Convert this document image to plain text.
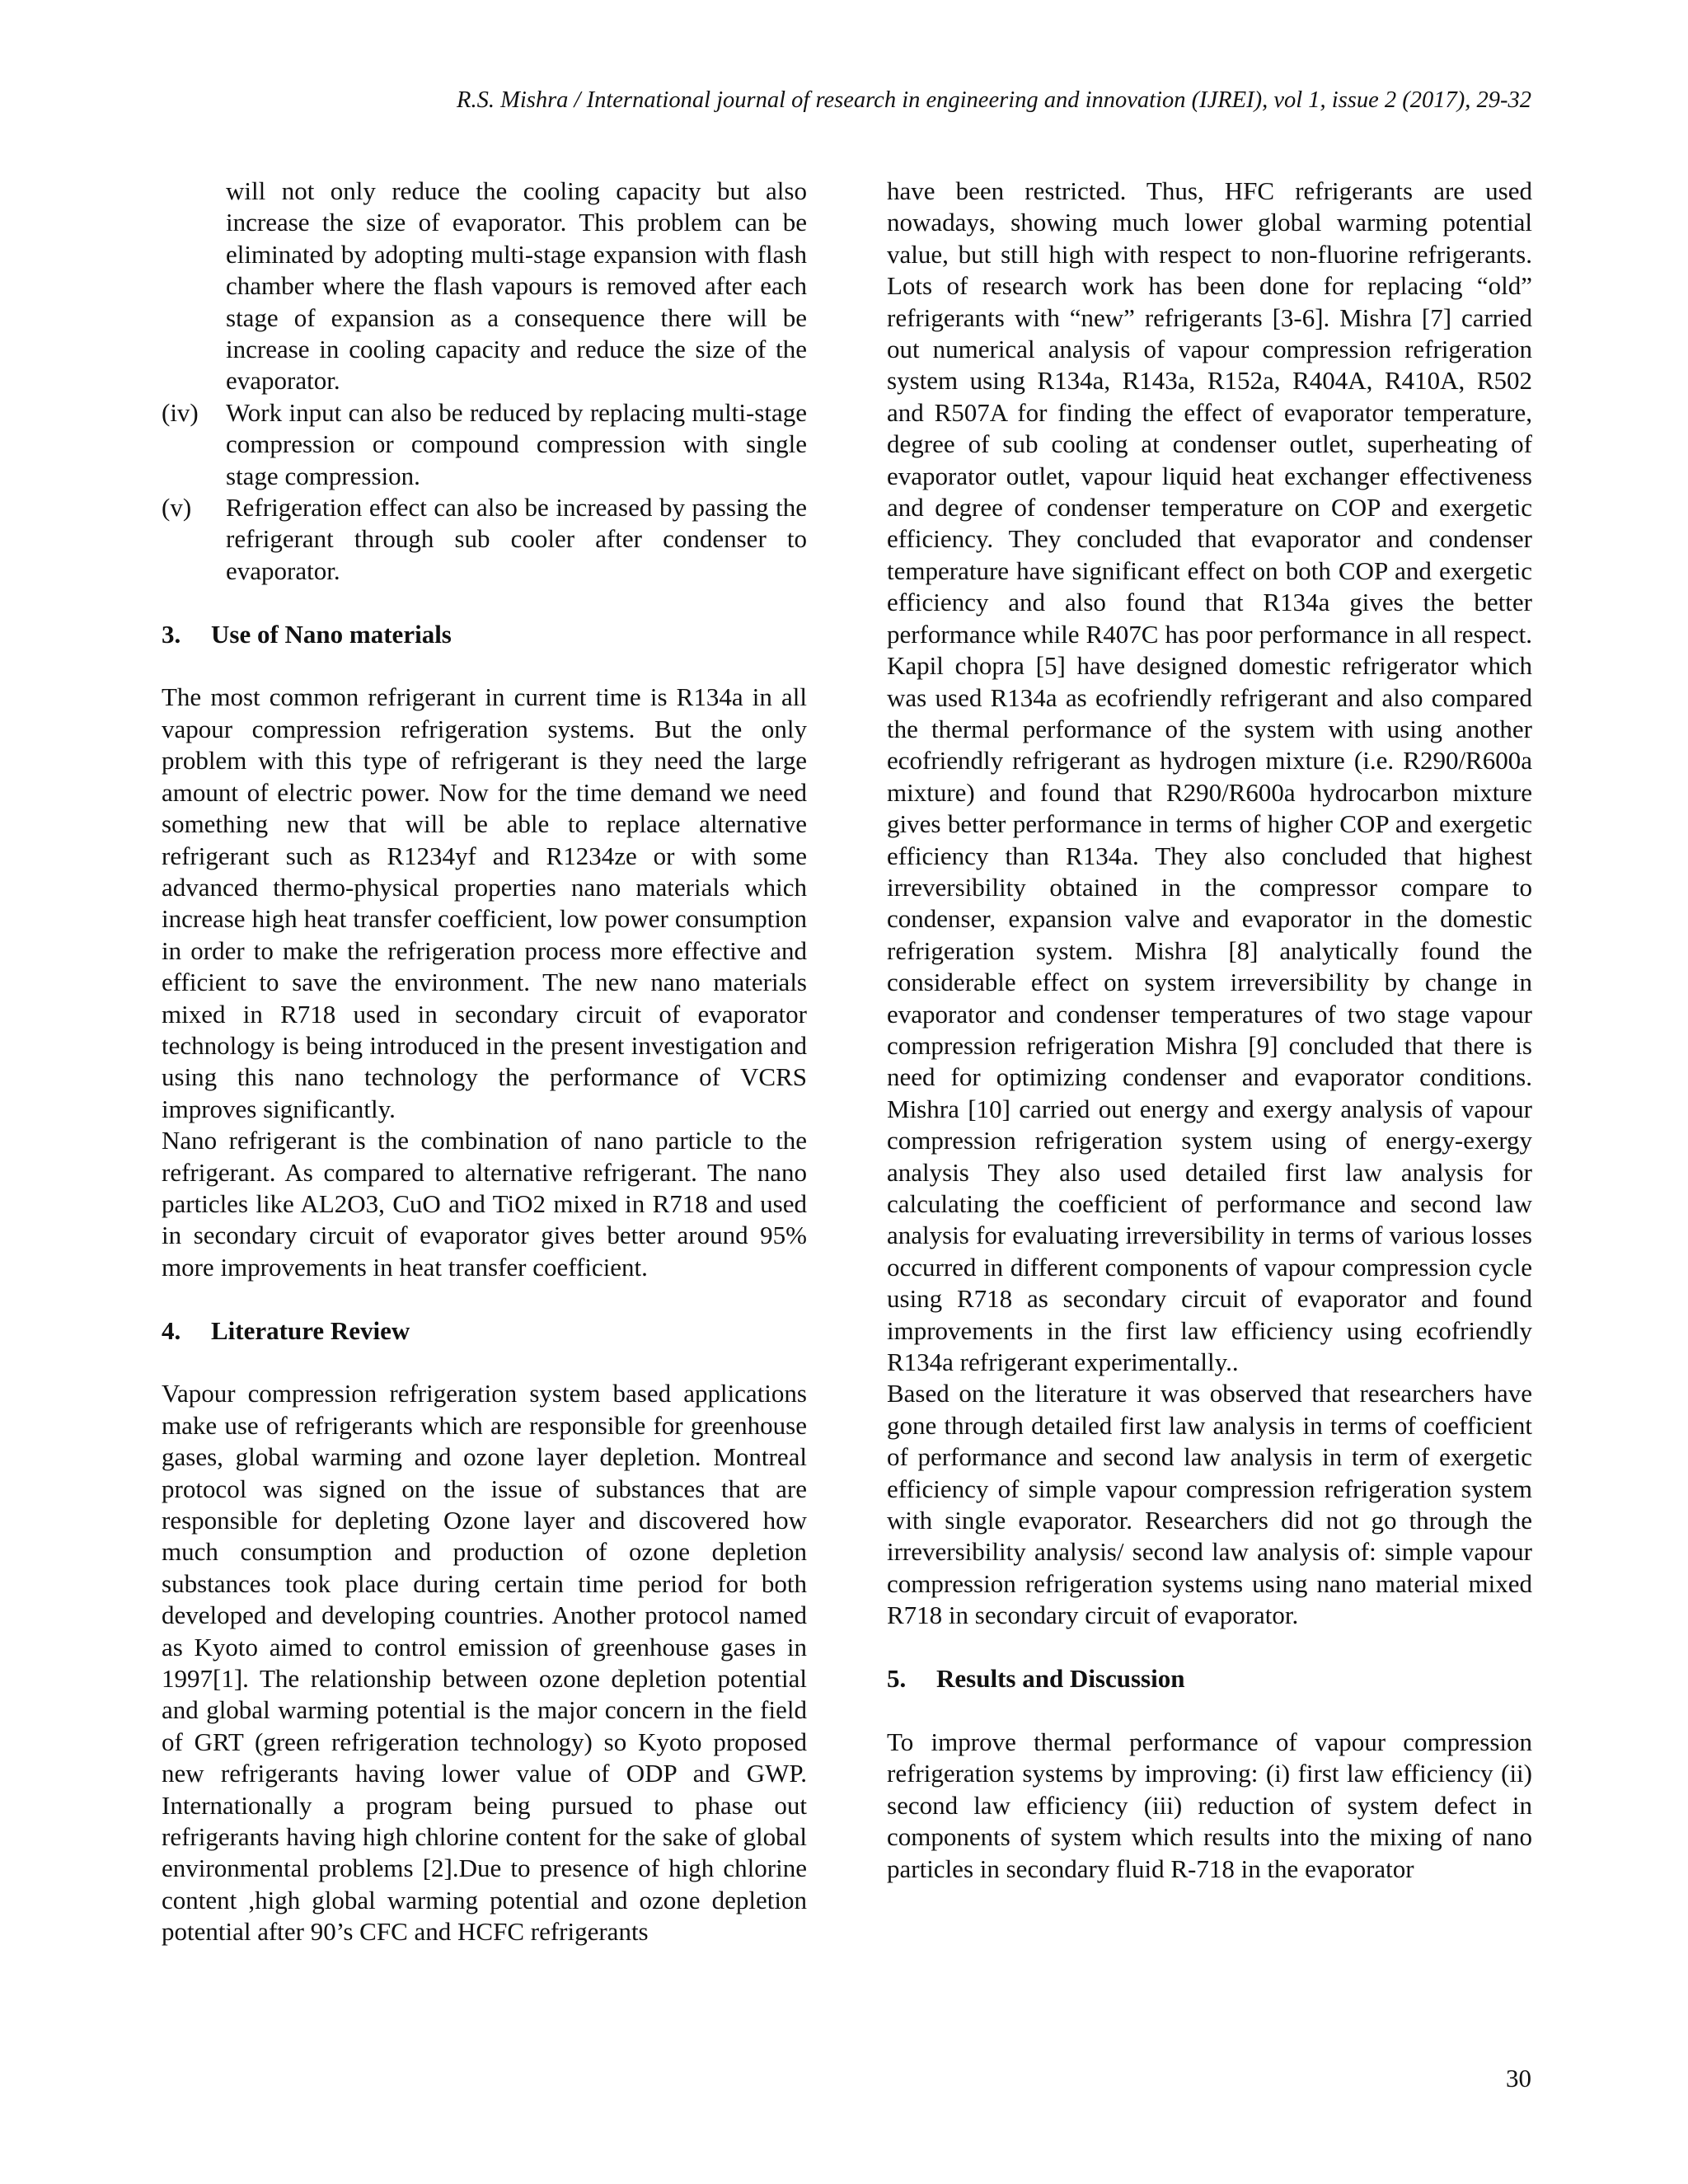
R.S. Mishra / International journal of research in engineering and innovation (IJREI), vol 1, issue 2 (2017), 29-32

will not only reduce the cooling capacity but also increase the size of evaporator. This problem can be eliminated by adopting multi-stage expansion with flash chamber where the flash vapours is removed after each stage of expansion as a consequence there will be increase in cooling capacity and reduce the size of the evaporator.

(iv) Work input can also be reduced by replacing multi-stage compression or compound compression with single stage compression.

(v) Refrigeration effect can also be increased by passing the refrigerant through sub cooler after condenser to evaporator.

3.	Use of Nano materials

The most common refrigerant in current time is R134a in all vapour compression refrigeration systems. But the only problem with this type of refrigerant is they need the large amount of electric power. Now for the time demand we need something new that will be able to replace alternative refrigerant such as R1234yf and R1234ze or with some advanced thermo-physical properties nano materials which increase high heat transfer coefficient, low power consumption in order to make the refrigeration process more effective and efficient to save the environment. The new nano materials mixed in R718 used in secondary circuit of evaporator technology is being introduced in the present investigation and using this nano technology the performance of VCRS improves significantly.

Nano refrigerant is the combination of nano particle to the refrigerant. As compared to alternative refrigerant. The nano particles like AL2O3, CuO and TiO2 mixed in R718 and used in secondary circuit of evaporator gives better around 95% more improvements in heat transfer coefficient.

4.	Literature Review

Vapour compression refrigeration system based applications make use of refrigerants which are responsible for greenhouse gases, global warming and ozone layer depletion. Montreal protocol was signed on the issue of substances that are responsible for depleting Ozone layer and discovered how much consumption and production of ozone depletion substances took place during certain time period for both developed and developing countries. Another protocol named as Kyoto aimed to control emission of greenhouse gases in 1997[1]. The relationship between ozone depletion potential and global warming potential is the major concern in the field of GRT (green refrigeration technology) so Kyoto proposed new refrigerants having lower value of ODP and GWP. Internationally a program being pursued to phase out refrigerants having high chlorine content for the sake of global environmental problems [2].Due to presence of high chlorine content ,high global warming potential and ozone depletion potential after 90’s CFC and HCFC refrigerants

have been restricted. Thus, HFC refrigerants are used nowadays, showing much lower global warming potential value, but still high with respect to non-fluorine refrigerants. Lots of research work has been done for replacing “old” refrigerants with “new” refrigerants [3-6]. Mishra [7] carried out numerical analysis of vapour compression refrigeration system using R134a, R143a, R152a, R404A, R410A, R502 and R507A for finding the effect of evaporator temperature, degree of sub cooling at condenser outlet, superheating of evaporator outlet, vapour liquid heat exchanger effectiveness and degree of condenser temperature on COP and exergetic efficiency. They concluded that evaporator and condenser temperature have significant effect on both COP and exergetic efficiency and also found that R134a gives the better performance while R407C has poor performance in all respect. Kapil chopra [5] have designed domestic refrigerator which was used R134a as ecofriendly refrigerant and also compared the thermal performance of the system with using another ecofriendly refrigerant as hydrogen mixture (i.e. R290/R600a mixture) and found that R290/R600a hydrocarbon mixture gives better performance in terms of higher COP and exergetic efficiency than R134a. They also concluded that highest irreversibility obtained in the compressor compare to condenser, expansion valve and evaporator in the domestic refrigeration system. Mishra [8] analytically found the considerable effect on system irreversibility by change in evaporator and condenser temperatures of two stage vapour compression refrigeration Mishra [9] concluded that there is need for optimizing condenser and evaporator conditions. Mishra [10] carried out energy and exergy analysis of vapour compression refrigeration system using of energy-exergy analysis They also used detailed first law analysis for calculating the coefficient of performance and second law analysis for evaluating irreversibility in terms of various losses occurred in different components of vapour compression cycle using R718 as secondary circuit of evaporator and found improvements in the first law efficiency using ecofriendly R134a refrigerant experimentally..

Based on the literature it was observed that researchers have gone through detailed first law analysis in terms of coefficient of performance and second law analysis in term of exergetic efficiency of simple vapour compression refrigeration system with single evaporator. Researchers did not go through the irreversibility analysis/ second law analysis of: simple vapour compression refrigeration systems using nano material mixed R718 in secondary circuit of evaporator.

5.	Results and Discussion

To improve thermal performance of vapour compression refrigeration systems by improving: (i) first law efficiency (ii) second law efficiency (iii) reduction of system defect in components of system which results into the mixing of nano particles in secondary fluid R-718 in the evaporator

30
